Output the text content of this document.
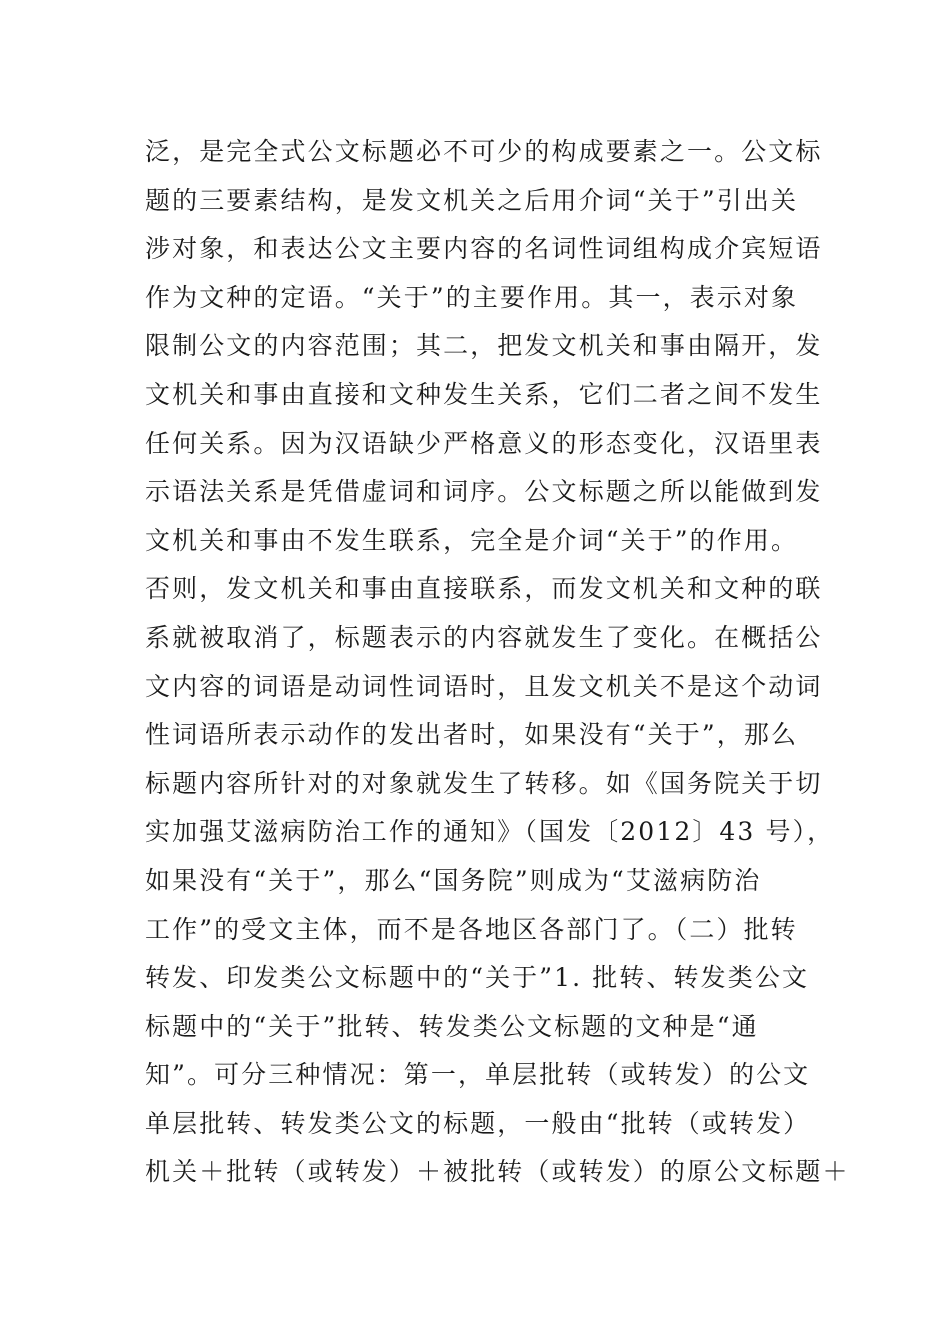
泛，是完全式公文标题必不可少的构成要素之一。公文标
题的三要素结构，是发文机关之后用介词“关于”引出关
涉对象，和表达公文主要内容的名词性词组构成介宾短语
作为文种的定语。“关于”的主要作用。其一，表示对象
限制公文的内容范围；其二，把发文机关和事由隔开，发
文机关和事由直接和文种发生关系，它们二者之间不发生
任何关系。因为汉语缺少严格意义的形态变化，汉语里表
示语法关系是凭借虚词和词序。公文标题之所以能做到发
文机关和事由不发生联系，完全是介词“关于”的作用。
否则，发文机关和事由直接联系，而发文机关和文种的联
系就被取消了，标题表示的内容就发生了变化。在概括公
文内容的词语是动词性词语时，且发文机关不是这个动词
性词语所表示动作的发出者时，如果没有“关于”，那么
标题内容所针对的对象就发生了转移。如《国务院关于切
实加强艾滋病防治工作的通知》（国发〔2012〕43 号），
如果没有“关于”，那么“国务院”则成为“艾滋病防治
工作”的受文主体，而不是各地区各部门了。（二）批转
转发、印发类公文标题中的“关于”1. 批转、转发类公文
标题中的“关于”批转、转发类公文标题的文种是“通
知”。可分三种情况：第一，单层批转（或转发）的公文
单层批转、转发类公文的标题，一般由“批转（或转发）
机关＋批转（或转发）＋被批转（或转发）的原公文标题＋
